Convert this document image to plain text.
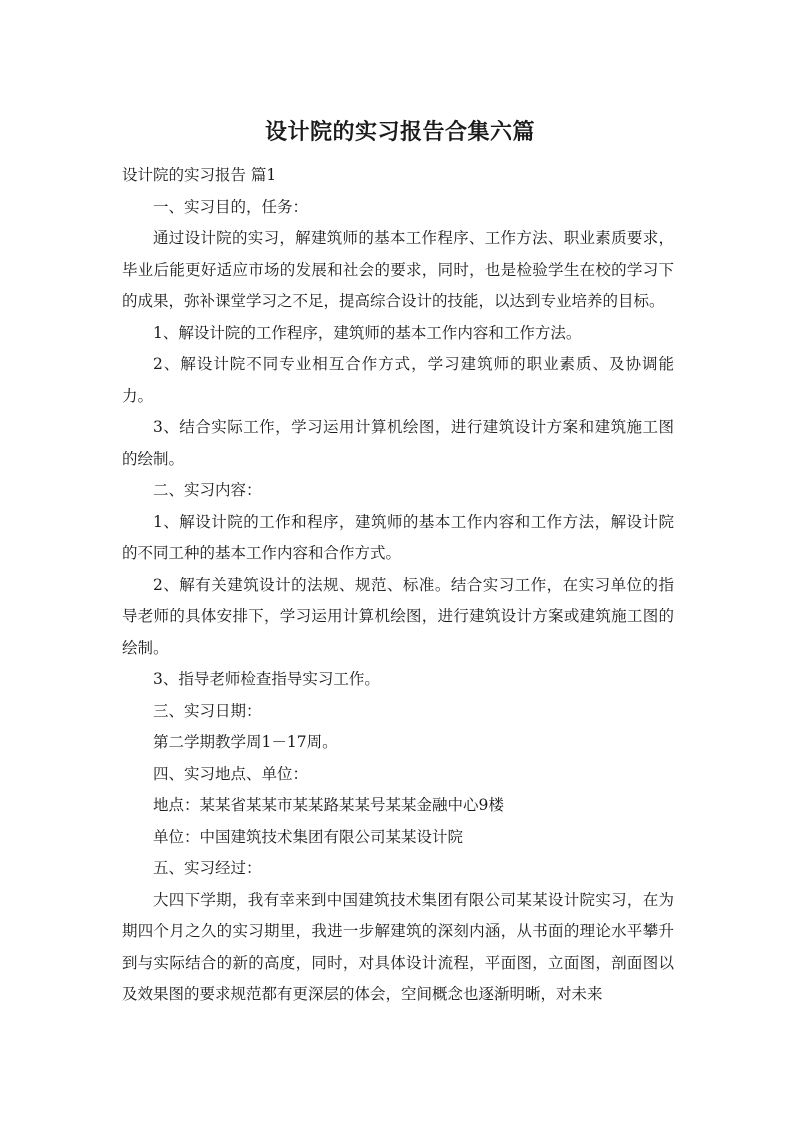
设计院的实习报告合集六篇

设计院的实习报告 篇1

一、实习目的，任务：

通过设计院的实习，解建筑师的基本工作程序、工作方法、职业素质要求，毕业后能更好适应市场的发展和社会的要求，同时，也是检验学生在校的学习下的成果，弥补课堂学习之不足，提高综合设计的技能，以达到专业培养的目标。

1、解设计院的工作程序，建筑师的基本工作内容和工作方法。

2、解设计院不同专业相互合作方式，学习建筑师的职业素质、及协调能力。

3、结合实际工作，学习运用计算机绘图，进行建筑设计方案和建筑施工图的绘制。

二、实习内容：

1、解设计院的工作和程序，建筑师的基本工作内容和工作方法，解设计院的不同工种的基本工作内容和合作方式。

2、解有关建筑设计的法规、规范、标准。结合实习工作，在实习单位的指导老师的具体安排下，学习运用计算机绘图，进行建筑设计方案或建筑施工图的绘制。

3、指导老师检查指导实习工作。

三、实习日期：

第二学期教学周1－17周。

四、实习地点、单位：

地点：某某省某某市某某路某某号某某金融中心9楼

单位：中国建筑技术集团有限公司某某设计院

五、实习经过：

大四下学期，我有幸来到中国建筑技术集团有限公司某某设计院实习，在为期四个月之久的实习期里，我进一步解建筑的深刻内涵，从书面的理论水平攀升到与实际结合的新的高度，同时，对具体设计流程，平面图，立面图，剖面图以及效果图的要求规范都有更深层的体会，空间概念也逐渐明晰，对未来
